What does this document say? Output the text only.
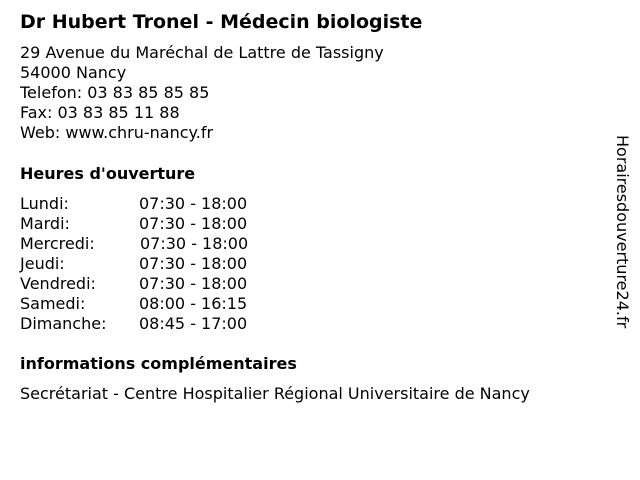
Dr Hubert Tronel - Médecin biologiste
29 Avenue du Maréchal de Lattre de Tassigny
54000 Nancy
Telefon: 03 83 85 85 85
Fax: 03 83 85 11 88
Web: www.chru-nancy.fr
Heures d'ouverture
Lundi:	07:30 - 18:00
Mardi:	07:30 - 18:00
Mercredi:	07:30 - 18:00
Jeudi:	07:30 - 18:00
Vendredi:	07:30 - 18:00
Samedi:	08:00 - 16:15
Dimanche: 08:45 - 17:00
informations complémentaires
Secrétariat - Centre Hospitalier Régional Universitaire de Nancy
Horairesdouverture24.fr
